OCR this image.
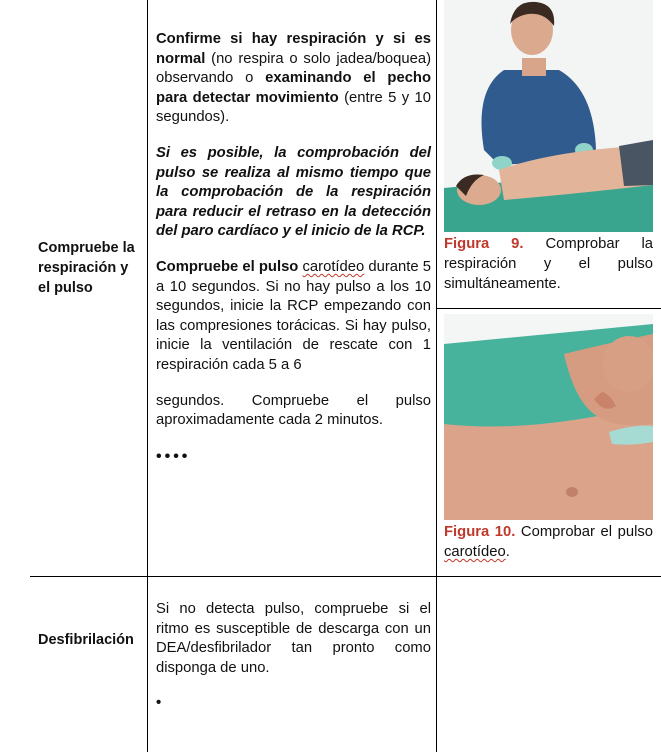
Compruebe la respiración y el pulso

Confirme si hay respiración y si es normal (no respira o solo jadea/boquea) observando o examinando el pecho para detectar movimiento (entre 5 y 10 segundos).

Si es posible, la comprobación del pulso se realiza al mismo tiempo que la comprobación de la respiración para reducir el retraso en la detección del paro cardíaco y el inicio de la RCP.

Compruebe el pulso carotídeo durante 5 a 10 segundos. Si no hay pulso a los 10 segundos, inicie la RCP empezando con las compresiones torácicas. Si hay pulso, inicie la ventilación de rescate con 1 respiración cada 5 a 6

segundos. Compruebe el pulso aproximadamente cada 2 minutos.

••••

Figura 9. Comprobar la respiración y el pulso simultáneamente.
Figura 10. Comprobar el pulso carotídeo.
Desfibrilación

Si no detecta pulso, compruebe si el ritmo es susceptible de descarga con un DEA/desfibrilador tan pronto como disponga de uno.

•
